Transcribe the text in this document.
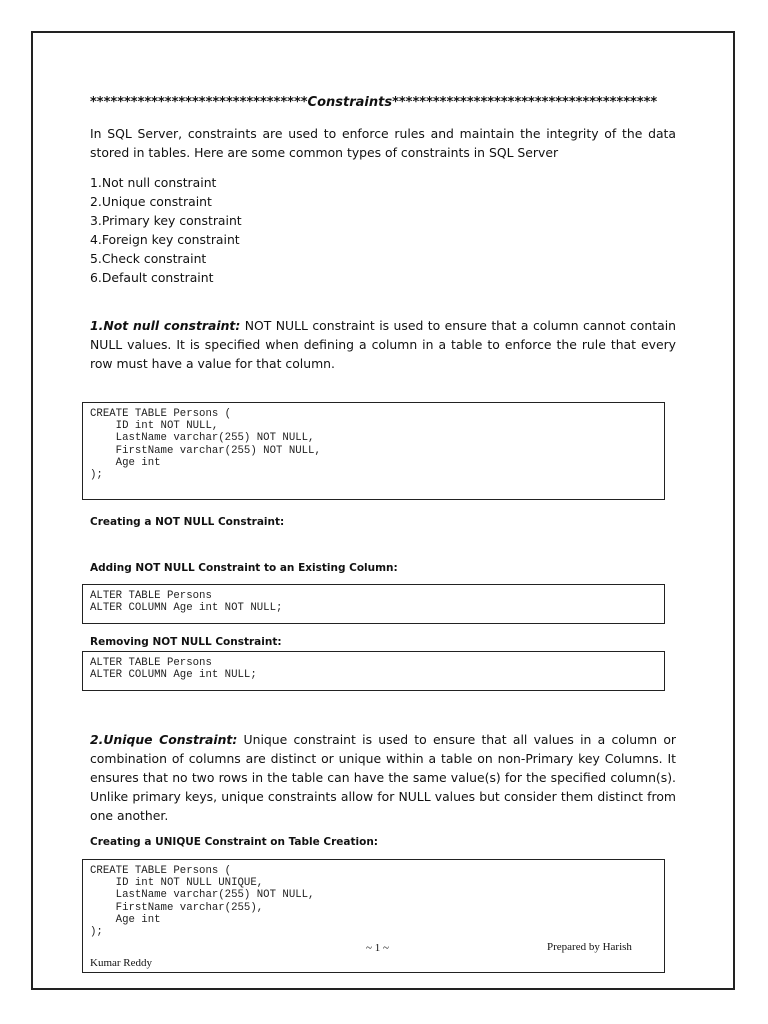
********************************Constraints***************************************
In SQL Server, constraints are used to enforce rules and maintain the integrity of the data stored in tables. Here are some common types of constraints in SQL Server
1.Not null constraint
2.Unique constraint
3.Primary key constraint
4.Foreign key constraint
5.Check constraint
6.Default constraint
1.Not null constraint: NOT NULL constraint is used to ensure that a column cannot contain NULL values. It is specified when defining a column in a table to enforce the rule that every row must have a value for that column.
CREATE TABLE Persons (
ID int NOT NULL,
LastName varchar(255) NOT NULL,
FirstName varchar(255) NOT NULL,
Age int
);
Creating a NOT NULL Constraint:
Adding NOT NULL Constraint to an Existing Column:
ALTER TABLE Persons
ALTER COLUMN Age int NOT NULL;
Removing NOT NULL Constraint:
ALTER TABLE Persons
ALTER COLUMN Age int NULL;
2.Unique Constraint: Unique constraint is used to ensure that all values in a column or combination of columns are distinct or unique within a table on non-Primary key Columns. It ensures that no two rows in the table can have the same value(s) for the specified column(s). Unlike primary keys, unique constraints allow for NULL values but consider them distinct from one another.
Creating a UNIQUE Constraint on Table Creation:
CREATE TABLE Persons (
ID int NOT NULL UNIQUE,
LastName varchar(255) NOT NULL,
FirstName varchar(255),
Age int
);
~ 1 ~	Prepared by Harish
Kumar Reddy
